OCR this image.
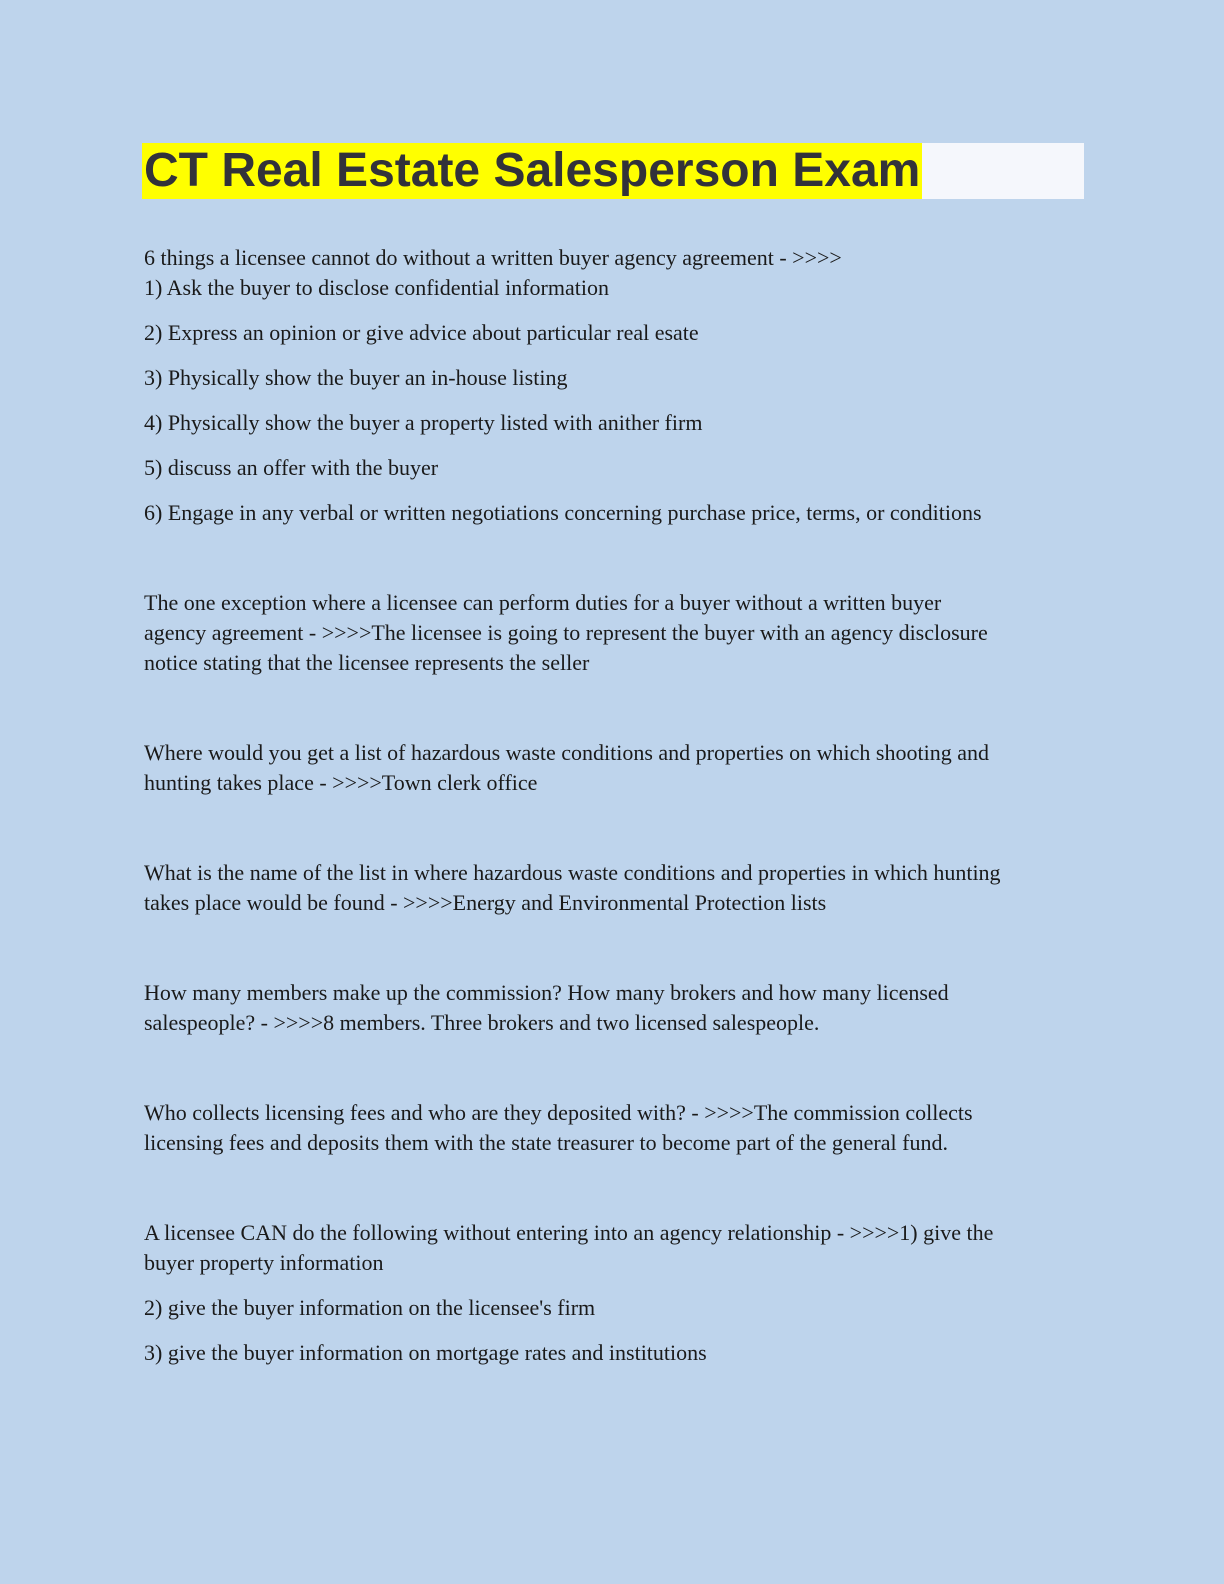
CT Real Estate Salesperson Exam

6 things a licensee cannot do without a written buyer agency agreement - >>>>

1) Ask the buyer to disclose confidential information

2) Express an opinion or give advice about particular real esate

3) Physically show the buyer an in-house listing

4) Physically show the buyer a property listed with anither firm

5) discuss an offer with the buyer

6) Engage in any verbal or written negotiations concerning purchase price, terms, or conditions

The one exception where a licensee can perform duties for a buyer without a written buyer

agency agreement - >>>>The licensee is going to represent the buyer with an agency disclosure

notice stating that the licensee represents the seller

Where would you get a list of hazardous waste conditions and properties on which shooting and

hunting takes place - >>>>Town clerk office

What is the name of the list in where hazardous waste conditions and properties in which hunting

takes place would be found - >>>>Energy and Environmental Protection lists

How many members make up the commission? How many brokers and how many licensed

salespeople? - >>>>8 members. Three brokers and two licensed salespeople.

Who collects licensing fees and who are they deposited with? - >>>>The commission collects

licensing fees and deposits them with the state treasurer to become part of the general fund.

A licensee CAN do the following without entering into an agency relationship - >>>>1) give the

buyer property information

2) give the buyer information on the licensee's firm

3) give the buyer information on mortgage rates and institutions
